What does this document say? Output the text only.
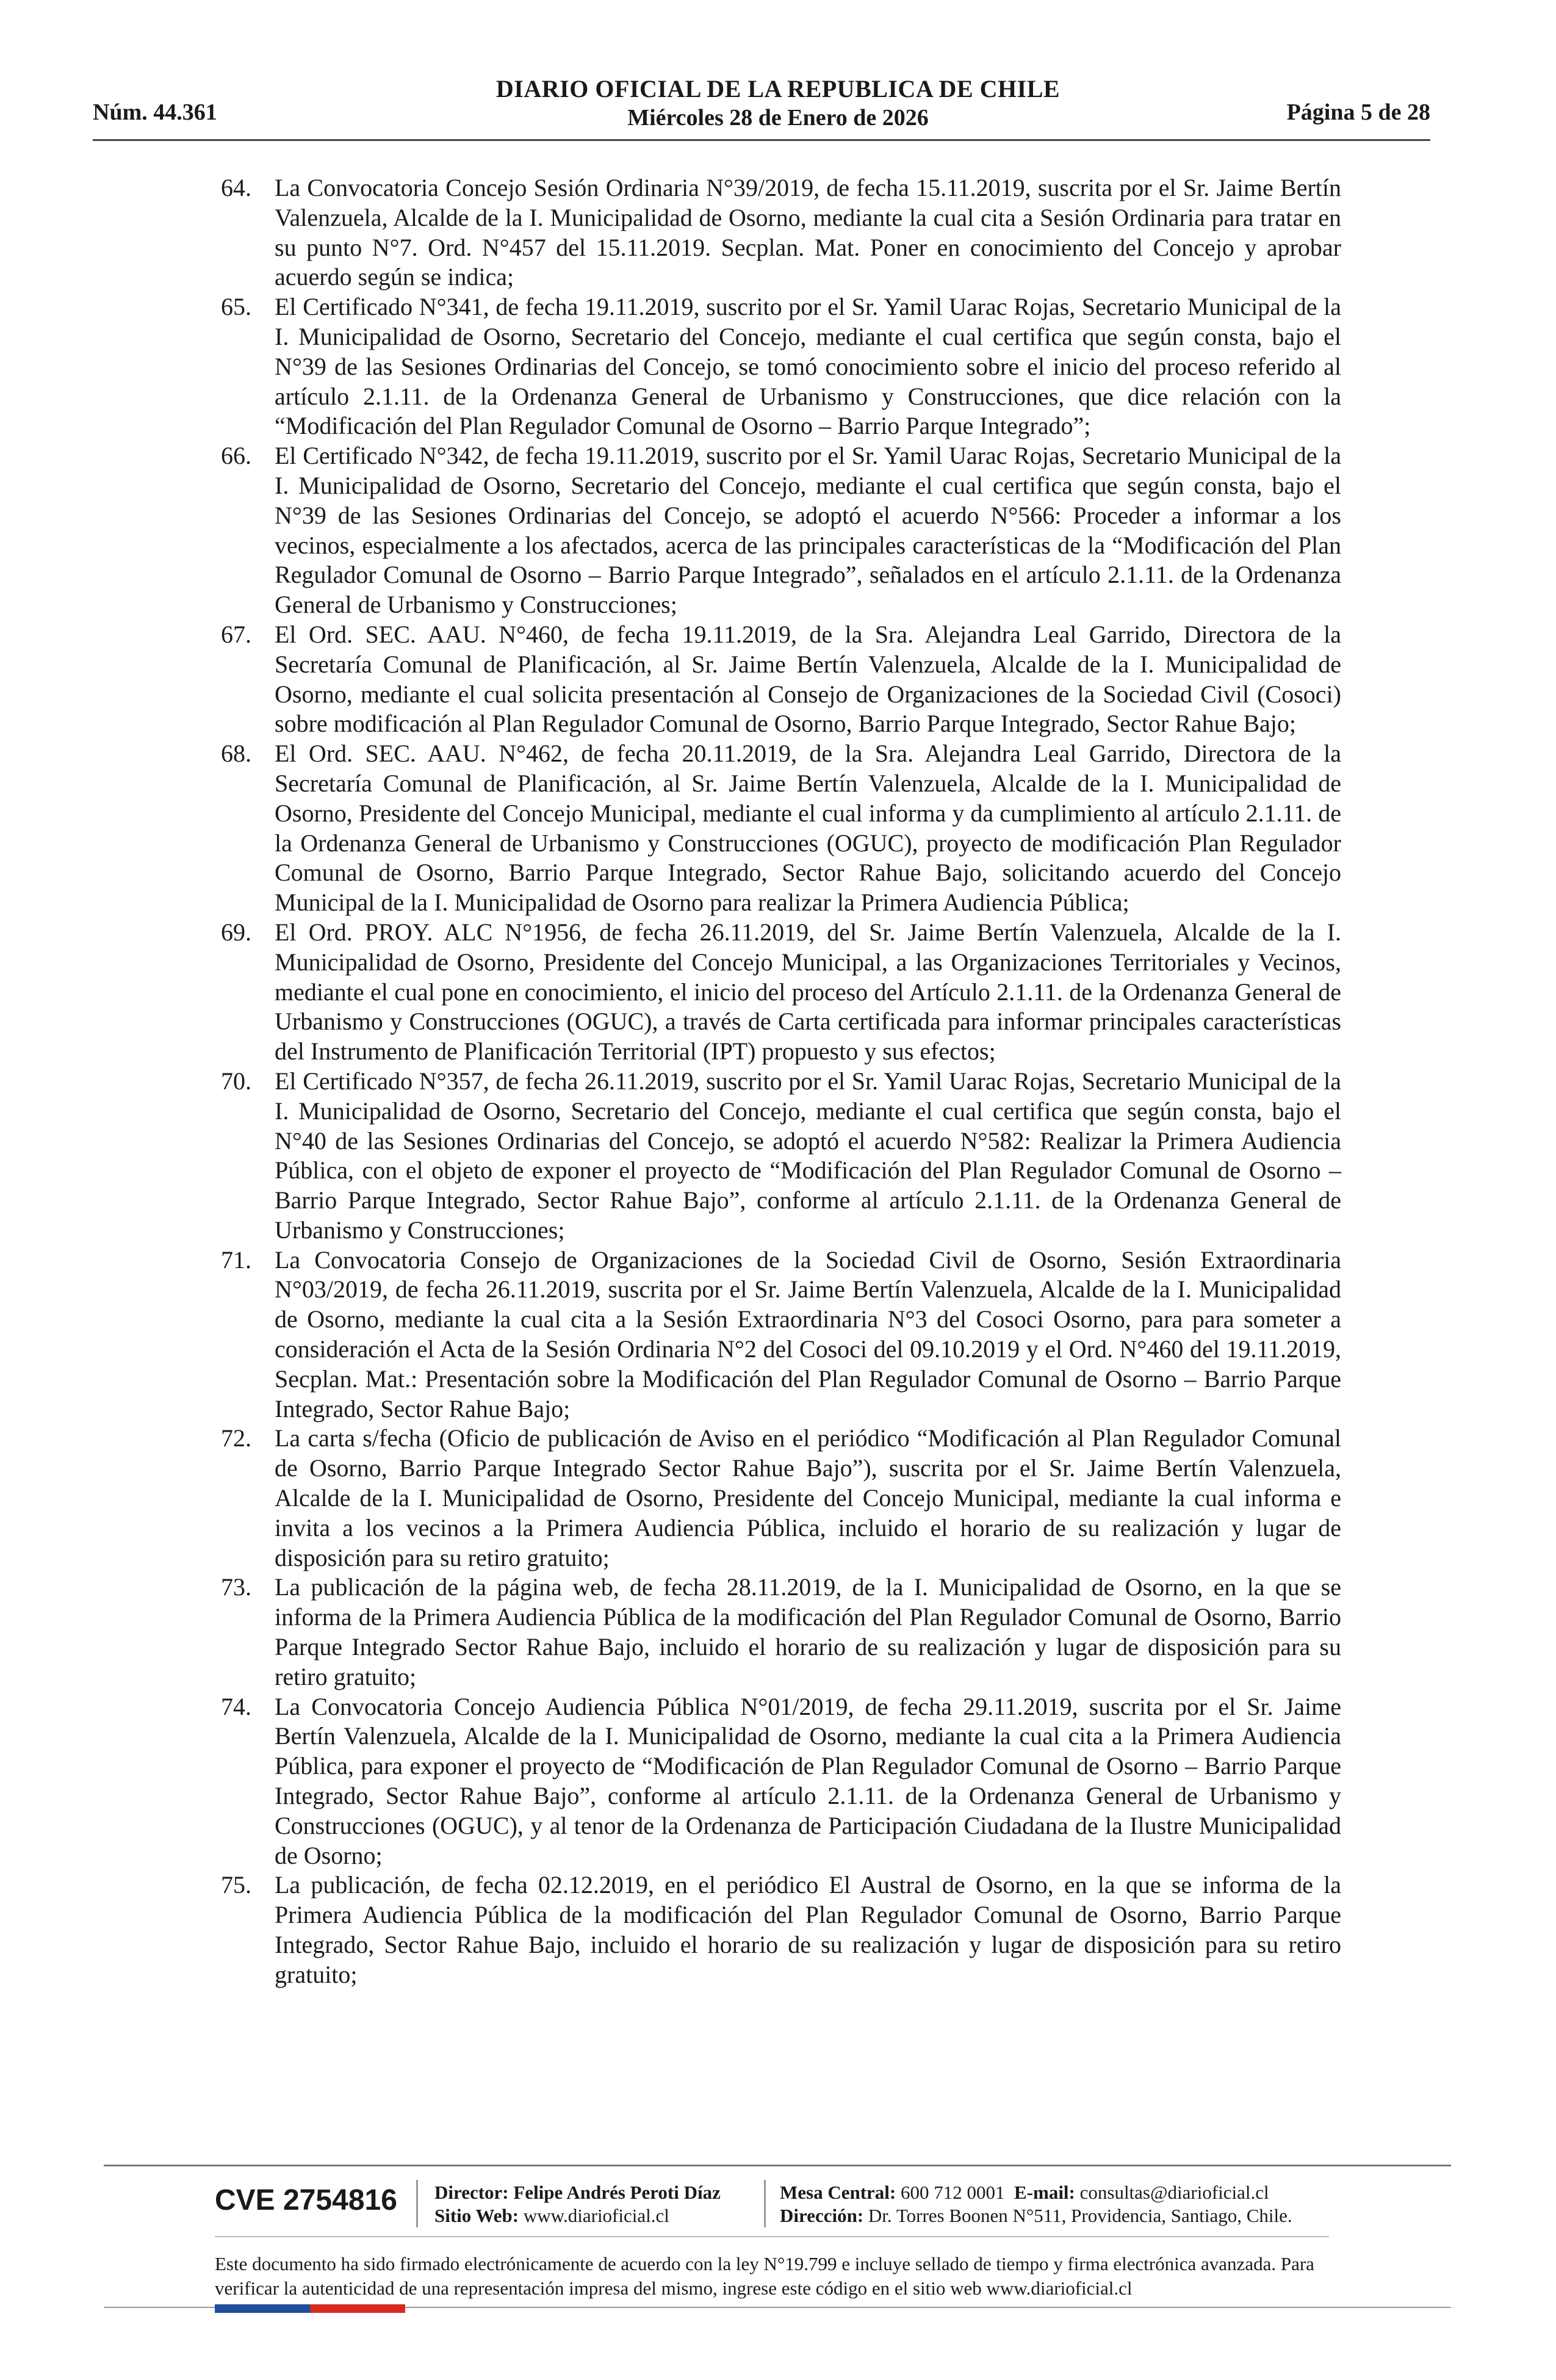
Núm. 44.361
DIARIO OFICIAL DE LA REPUBLICA DE CHILE
Miércoles 28 de Enero de 2026	Página 5 de 28
64. La Convocatoria Concejo Sesión Ordinaria N°39/2019, de fecha 15.11.2019, suscrita por el Sr. Jaime Bertín Valenzuela, Alcalde de la I. Municipalidad de Osorno, mediante la cual cita a Sesión Ordinaria para tratar en su punto N°7. Ord. N°457 del 15.11.2019. Secplan. Mat. Poner en conocimiento del Concejo y aprobar acuerdo según se indica;
65. El Certificado N°341, de fecha 19.11.2019, suscrito por el Sr. Yamil Uarac Rojas, Secretario Municipal de la I. Municipalidad de Osorno, Secretario del Concejo, mediante el cual certifica que según consta, bajo el N°39 de las Sesiones Ordinarias del Concejo, se tomó conocimiento sobre el inicio del proceso referido al artículo 2.1.11. de la Ordenanza General de Urbanismo y Construcciones, que dice relación con la “Modificación del Plan Regulador Comunal de Osorno – Barrio Parque Integrado”;
66. El Certificado N°342, de fecha 19.11.2019, suscrito por el Sr. Yamil Uarac Rojas, Secretario Municipal de la I. Municipalidad de Osorno, Secretario del Concejo, mediante el cual certifica que según consta, bajo el N°39 de las Sesiones Ordinarias del Concejo, se adoptó el acuerdo N°566: Proceder a informar a los vecinos, especialmente a los afectados, acerca de las principales características de la “Modificación del Plan Regulador Comunal de Osorno – Barrio Parque Integrado”, señalados en el artículo 2.1.11. de la Ordenanza General de Urbanismo y Construcciones;
67. El Ord. SEC. AAU. N°460, de fecha 19.11.2019, de la Sra. Alejandra Leal Garrido, Directora de la Secretaría Comunal de Planificación, al Sr. Jaime Bertín Valenzuela, Alcalde de la I. Municipalidad de Osorno, mediante el cual solicita presentación al Consejo de Organizaciones de la Sociedad Civil (Cosoci) sobre modificación al Plan Regulador Comunal de Osorno, Barrio Parque Integrado, Sector Rahue Bajo;
68. El Ord. SEC. AAU. N°462, de fecha 20.11.2019, de la Sra. Alejandra Leal Garrido, Directora de la Secretaría Comunal de Planificación, al Sr. Jaime Bertín Valenzuela, Alcalde de la I. Municipalidad de Osorno, Presidente del Concejo Municipal, mediante el cual informa y da cumplimiento al artículo 2.1.11. de la Ordenanza General de Urbanismo y Construcciones (OGUC), proyecto de modificación Plan Regulador Comunal de Osorno, Barrio Parque Integrado, Sector Rahue Bajo, solicitando acuerdo del Concejo Municipal de la I. Municipalidad de Osorno para realizar la Primera Audiencia Pública;
69. El Ord. PROY. ALC N°1956, de fecha 26.11.2019, del Sr. Jaime Bertín Valenzuela, Alcalde de la I. Municipalidad de Osorno, Presidente del Concejo Municipal, a las Organizaciones Territoriales y Vecinos, mediante el cual pone en conocimiento, el inicio del proceso del Artículo 2.1.11. de la Ordenanza General de Urbanismo y Construcciones (OGUC), a través de Carta certificada para informar principales características del Instrumento de Planificación Territorial (IPT) propuesto y sus efectos;
70. El Certificado N°357, de fecha 26.11.2019, suscrito por el Sr. Yamil Uarac Rojas, Secretario Municipal de la I. Municipalidad de Osorno, Secretario del Concejo, mediante el cual certifica que según consta, bajo el N°40 de las Sesiones Ordinarias del Concejo, se adoptó el acuerdo N°582: Realizar la Primera Audiencia Pública, con el objeto de exponer el proyecto de “Modificación del Plan Regulador Comunal de Osorno – Barrio Parque Integrado, Sector Rahue Bajo”, conforme al artículo 2.1.11. de la Ordenanza General de Urbanismo y Construcciones;
71. La Convocatoria Consejo de Organizaciones de la Sociedad Civil de Osorno, Sesión Extraordinaria N°03/2019, de fecha 26.11.2019, suscrita por el Sr. Jaime Bertín Valenzuela, Alcalde de la I. Municipalidad de Osorno, mediante la cual cita a la Sesión Extraordinaria N°3 del Cosoci Osorno, para para someter a consideración el Acta de la Sesión Ordinaria N°2 del Cosoci del 09.10.2019 y el Ord. N°460 del 19.11.2019, Secplan. Mat.: Presentación sobre la Modificación del Plan Regulador Comunal de Osorno – Barrio Parque Integrado, Sector Rahue Bajo;
72. La carta s/fecha (Oficio de publicación de Aviso en el periódico “Modificación al Plan Regulador Comunal de Osorno, Barrio Parque Integrado Sector Rahue Bajo”), suscrita por el Sr. Jaime Bertín Valenzuela, Alcalde de la I. Municipalidad de Osorno, Presidente del Concejo Municipal, mediante la cual informa e invita a los vecinos a la Primera Audiencia Pública, incluido el horario de su realización y lugar de disposición para su retiro gratuito;
73. La publicación de la página web, de fecha 28.11.2019, de la I. Municipalidad de Osorno, en la que se informa de la Primera Audiencia Pública de la modificación del Plan Regulador Comunal de Osorno, Barrio Parque Integrado Sector Rahue Bajo, incluido el horario de su realización y lugar de disposición para su retiro gratuito;
74. La Convocatoria Concejo Audiencia Pública N°01/2019, de fecha 29.11.2019, suscrita por el Sr. Jaime Bertín Valenzuela, Alcalde de la I. Municipalidad de Osorno, mediante la cual cita a la Primera Audiencia Pública, para exponer el proyecto de “Modificación de Plan Regulador Comunal de Osorno – Barrio Parque Integrado, Sector Rahue Bajo”, conforme al artículo 2.1.11. de la Ordenanza General de Urbanismo y Construcciones (OGUC), y al tenor de la Ordenanza de Participación Ciudadana de la Ilustre Municipalidad de Osorno;
75. La publicación, de fecha 02.12.2019, en el periódico El Austral de Osorno, en la que se informa de la Primera Audiencia Pública de la modificación del Plan Regulador Comunal de Osorno, Barrio Parque Integrado, Sector Rahue Bajo, incluido el horario de su realización y lugar de disposición para su retiro gratuito;
CVE 2754816 Director: Felipe Andrés Peroti Díaz
Sitio Web: www.diarioficial.cl
Mesa Central: 600 712 0001 E-mail: consultas@diarioficial.cl
Dirección: Dr. Torres Boonen N°511, Providencia, Santiago, Chile.
Este documento ha sido firmado electrónicamente de acuerdo con la ley N°19.799 e incluye sellado de tiempo y firma electrónica avanzada. Para verificar la autenticidad de una representación impresa del mismo, ingrese este código en el sitio web www.diarioficial.cl
